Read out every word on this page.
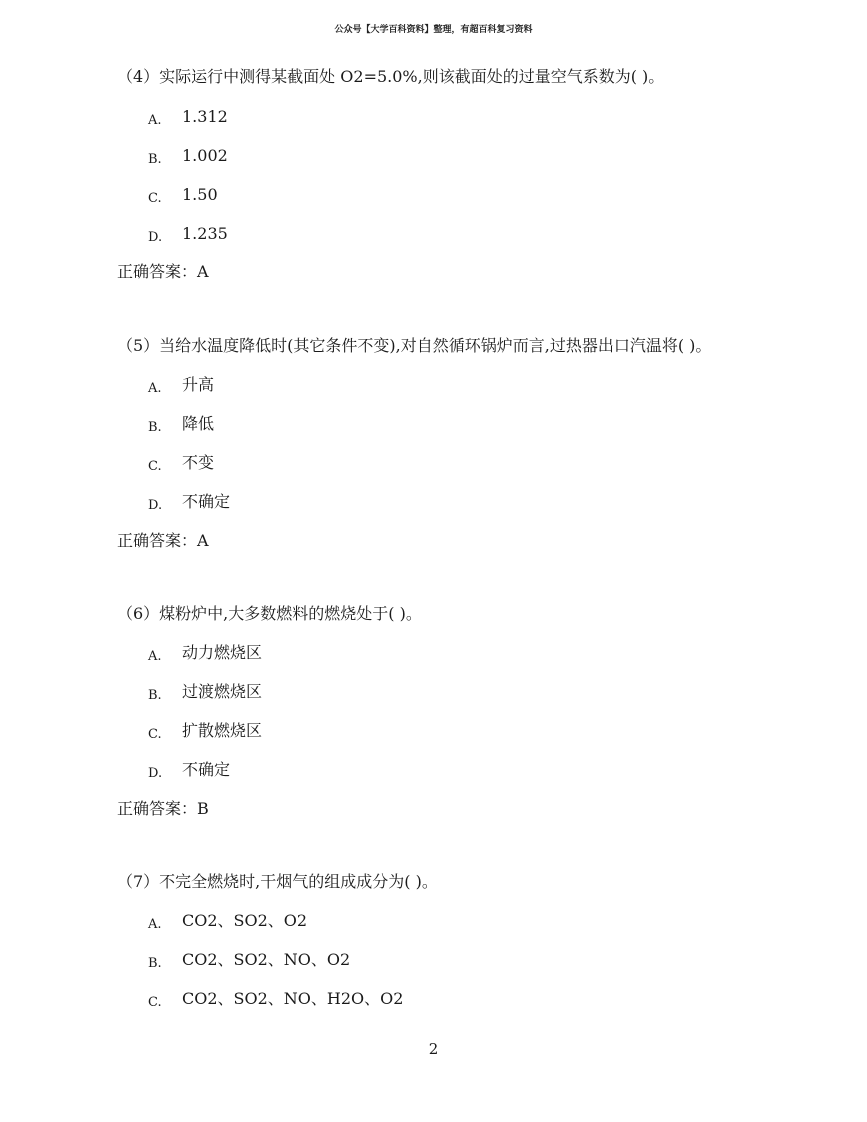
公众号【大学百科资料】整理，有超百科复习资料
（4）实际运行中测得某截面处 O2=5.0%,则该截面处的过量空气系数为( )。
A. 1.312
B. 1.002
C. 1.50
D. 1.235
正确答案：A
（5）当给水温度降低时(其它条件不变),对自然循环锅炉而言,过热器出口汽温将( )。
A. 升高
B. 降低
C. 不变
D. 不确定
正确答案：A
（6）煤粉炉中,大多数燃料的燃烧处于( )。
A. 动力燃烧区
B. 过渡燃烧区
C. 扩散燃烧区
D. 不确定
正确答案：B
（7）不完全燃烧时,干烟气的组成成分为( )。
A. CO2、SO2、O2
B. CO2、SO2、NO、O2
C. CO2、SO2、NO、H2O、O2
2
